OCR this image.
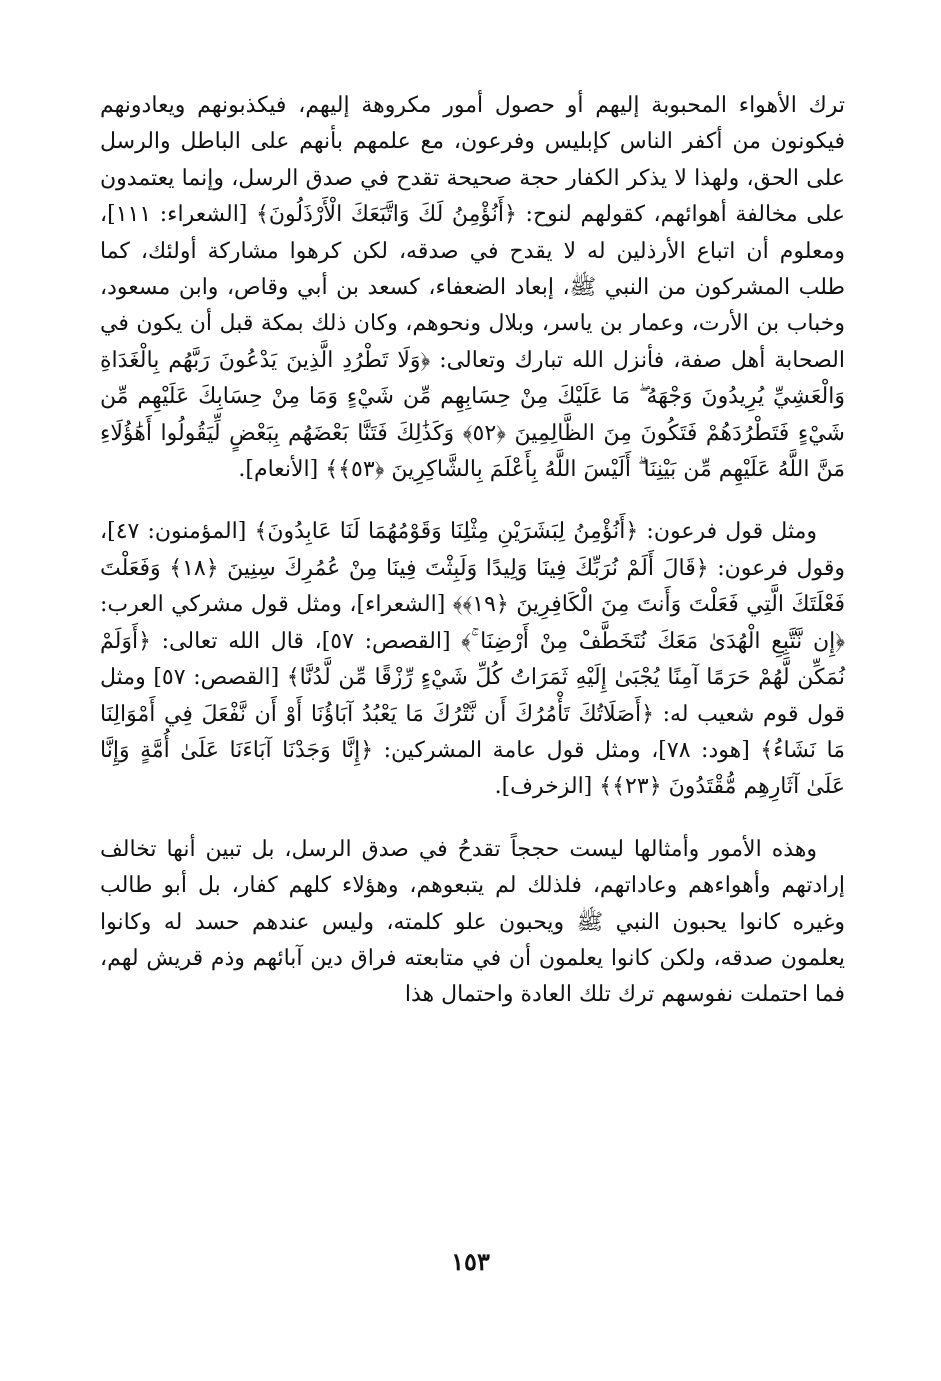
ترك الأهواء المحبوبة إليهم أو حصول أمور مكروهة إليهم، فيكذبونهم ويعادونهم فيكونون من أكفر الناس كإبليس وفرعون، مع علمهم بأنهم على الباطل والرسل على الحق، ولهذا لا يذكر الكفار حجة صحيحة تقدح في صدق الرسل، وإنما يعتمدون على مخالفة أهوائهم، كقولهم لنوح: ﴿أَنُؤْمِنُ لَكَ وَاتَّبَعَكَ الْأَرْذَلُونَ﴾ [الشعراء: ١١١]، ومعلوم أن اتباع الأرذلين له لا يقدح في صدقه، لكن كرهوا مشاركة أولئك، كما طلب المشركون من النبي ﷺ، إبعاد الضعفاء، كسعد بن أبي وقاص، وابن مسعود، وخباب بن الأرت، وعمار بن ياسر، وبلال ونحوهم، وكان ذلك بمكة قبل أن يكون في الصحابة أهل صفة، فأنزل الله تبارك وتعالى: ﴿وَلَا تَطْرُدِ الَّذِينَ يَدْعُونَ رَبَّهُم بِالْغَدَاةِ وَالْعَشِيِّ يُرِيدُونَ وَجْهَهُ ۖ مَا عَلَيْكَ مِنْ حِسَابِهِم مِّن شَيْءٍ وَمَا مِنْ حِسَابِكَ عَلَيْهِم مِّن شَيْءٍ فَتَطْرُدَهُمْ فَتَكُونَ مِنَ الظَّالِمِينَ ﴿٥٢﴾ وَكَذَٰلِكَ فَتَنَّا بَعْضَهُم بِبَعْضٍ لِّيَقُولُوا أَهَٰؤُلَاءِ مَنَّ اللَّهُ عَلَيْهِم مِّن بَيْنِنَا ۗ أَلَيْسَ اللَّهُ بِأَعْلَمَ بِالشَّاكِرِينَ ﴿٥٣﴾﴾ [الأنعام].

ومثل قول فرعون: ﴿أَنُؤْمِنُ لِبَشَرَيْنِ مِثْلِنَا وَقَوْمُهُمَا لَنَا عَابِدُونَ﴾ [المؤمنون: ٤٧]، وقول فرعون: ﴿قَالَ أَلَمْ نُرَبِّكَ فِينَا وَلِيدًا وَلَبِثْتَ فِينَا مِنْ عُمُرِكَ سِنِينَ ﴿١٨﴾ وَفَعَلْتَ فَعْلَتَكَ الَّتِي فَعَلْتَ وَأَنتَ مِنَ الْكَافِرِينَ ﴿١٩﴾﴾ [الشعراء]، ومثل قول مشركي العرب: ﴿إِن نَّتَّبِعِ الْهُدَىٰ مَعَكَ نُتَخَطَّفْ مِنْ أَرْضِنَا ۚ﴾ [القصص: ٥٧]، قال الله تعالى: ﴿أَوَلَمْ نُمَكِّن لَّهُمْ حَرَمًا آمِنًا يُجْبَىٰ إِلَيْهِ ثَمَرَاتُ كُلِّ شَيْءٍ رِّزْقًا مِّن لَّدُنَّا﴾ [القصص: ٥٧] ومثل قول قوم شعيب له: ﴿أَصَلَاتُكَ تَأْمُرُكَ أَن نَّتْرُكَ مَا يَعْبُدُ آبَاؤُنَا أَوْ أَن نَّفْعَلَ فِي أَمْوَالِنَا مَا نَشَاءُ﴾ [هود: ٧٨]، ومثل قول عامة المشركين: ﴿إِنَّا وَجَدْنَا آبَاءَنَا عَلَىٰ أُمَّةٍ وَإِنَّا عَلَىٰ آثَارِهِم مُّقْتَدُونَ ﴿٢٣﴾﴾ [الزخرف].

وهذه الأمور وأمثالها ليست حججاً تقدحُ في صدق الرسل، بل تبين أنها تخالف إرادتهم وأهواءهم وعاداتهم، فلذلك لم يتبعوهم، وهؤلاء كلهم كفار، بل أبو طالب وغيره كانوا يحبون النبي ﷺ ويحبون علو كلمته، وليس عندهم حسد له وكانوا يعلمون صدقه، ولكن كانوا يعلمون أن في متابعته فراق دين آبائهم وذم قريش لهم، فما احتملت نفوسهم ترك تلك العادة واحتمال هذا

١٥٣
